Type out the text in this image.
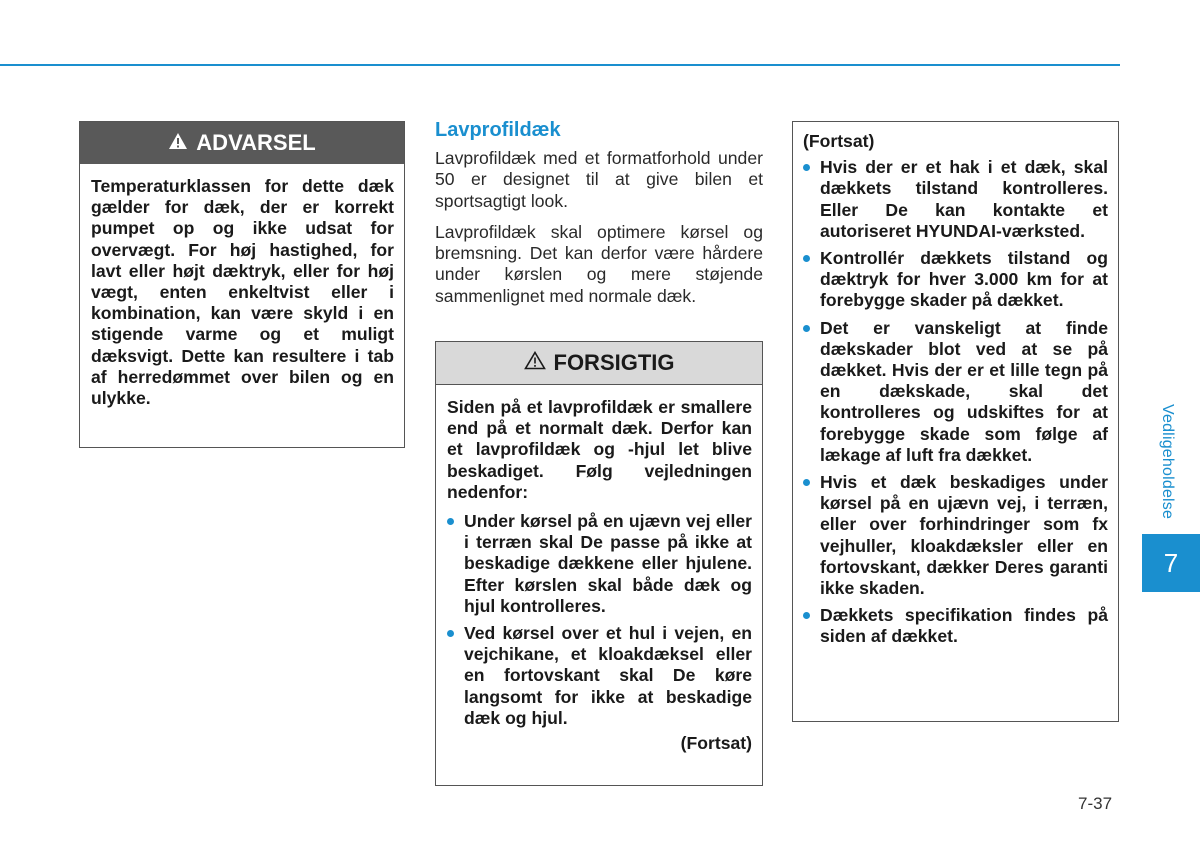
ADVARSEL
Temperaturklassen for dette dæk gælder for dæk, der er korrekt pumpet op og ikke udsat for overvægt. For høj hastighed, for lavt eller højt dæktryk, eller for høj vægt, enten enkeltvist eller i kombination, kan være skyld i en stigende varme og et muligt dæksvigt. Dette kan resultere i tab af herredømmet over bilen og en ulykke.
Lavprofildæk

Lavprofildæk med et formatforhold under 50 er designet til at give bilen et sportsagtigt look.

Lavprofildæk skal optimere kørsel og bremsning. Det kan derfor være hårdere under kørslen og mere støjende sammenlignet med normale dæk.

FORSIGTIG
Siden på et lavprofildæk er smallere end på et normalt dæk. Derfor kan et lavprofildæk og -hjul let blive beskadiget. Følg vejledningen nedenfor:
Under kørsel på en ujævn vej eller i terræn skal De passe på ikke at beskadige dækkene eller hjulene. Efter kørslen skal både dæk og hjul kontrolleres.
Ved kørsel over et hul i vejen, en vejchikane, et kloakdæksel eller en fortovskant skal De køre langsomt for ikke at beskadige dæk og hjul.
(Fortsat)
(Fortsat)
Hvis der er et hak i et dæk, skal dækkets tilstand kontrolleres. Eller De kan kontakte et autoriseret HYUNDAI-værksted.
Kontrollér dækkets tilstand og dæktryk for hver 3.000 km for at forebygge skader på dækket.
Det er vanskeligt at finde dækskader blot ved at se på dækket. Hvis der er et lille tegn på en dækskade, skal det kontrolleres og udskiftes for at forebygge skade som følge af lækage af luft fra dækket.
Hvis et dæk beskadiges under kørsel på en ujævn vej, i terræn, eller over forhindringer som fx vejhuller, kloakdæksler eller en fortovskant, dækker Deres garanti ikke skaden.
Dækkets specifikation findes på siden af dækket.
Vedligeholdelse
7
7-37
